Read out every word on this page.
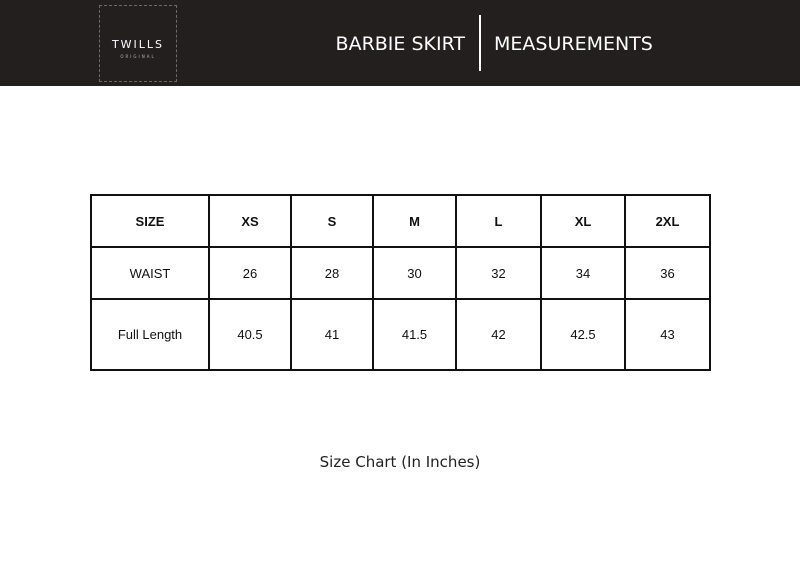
TWILLS
ORIGINAL
BARBIE SKIRT MEASUREMENTS
SIZE	XS	S	M	L	XL	2XL
WAIST	26	28	30	32	34	36
Full Length	40.5	41	41.5	42	42.5	43
Size Chart (In Inches)
